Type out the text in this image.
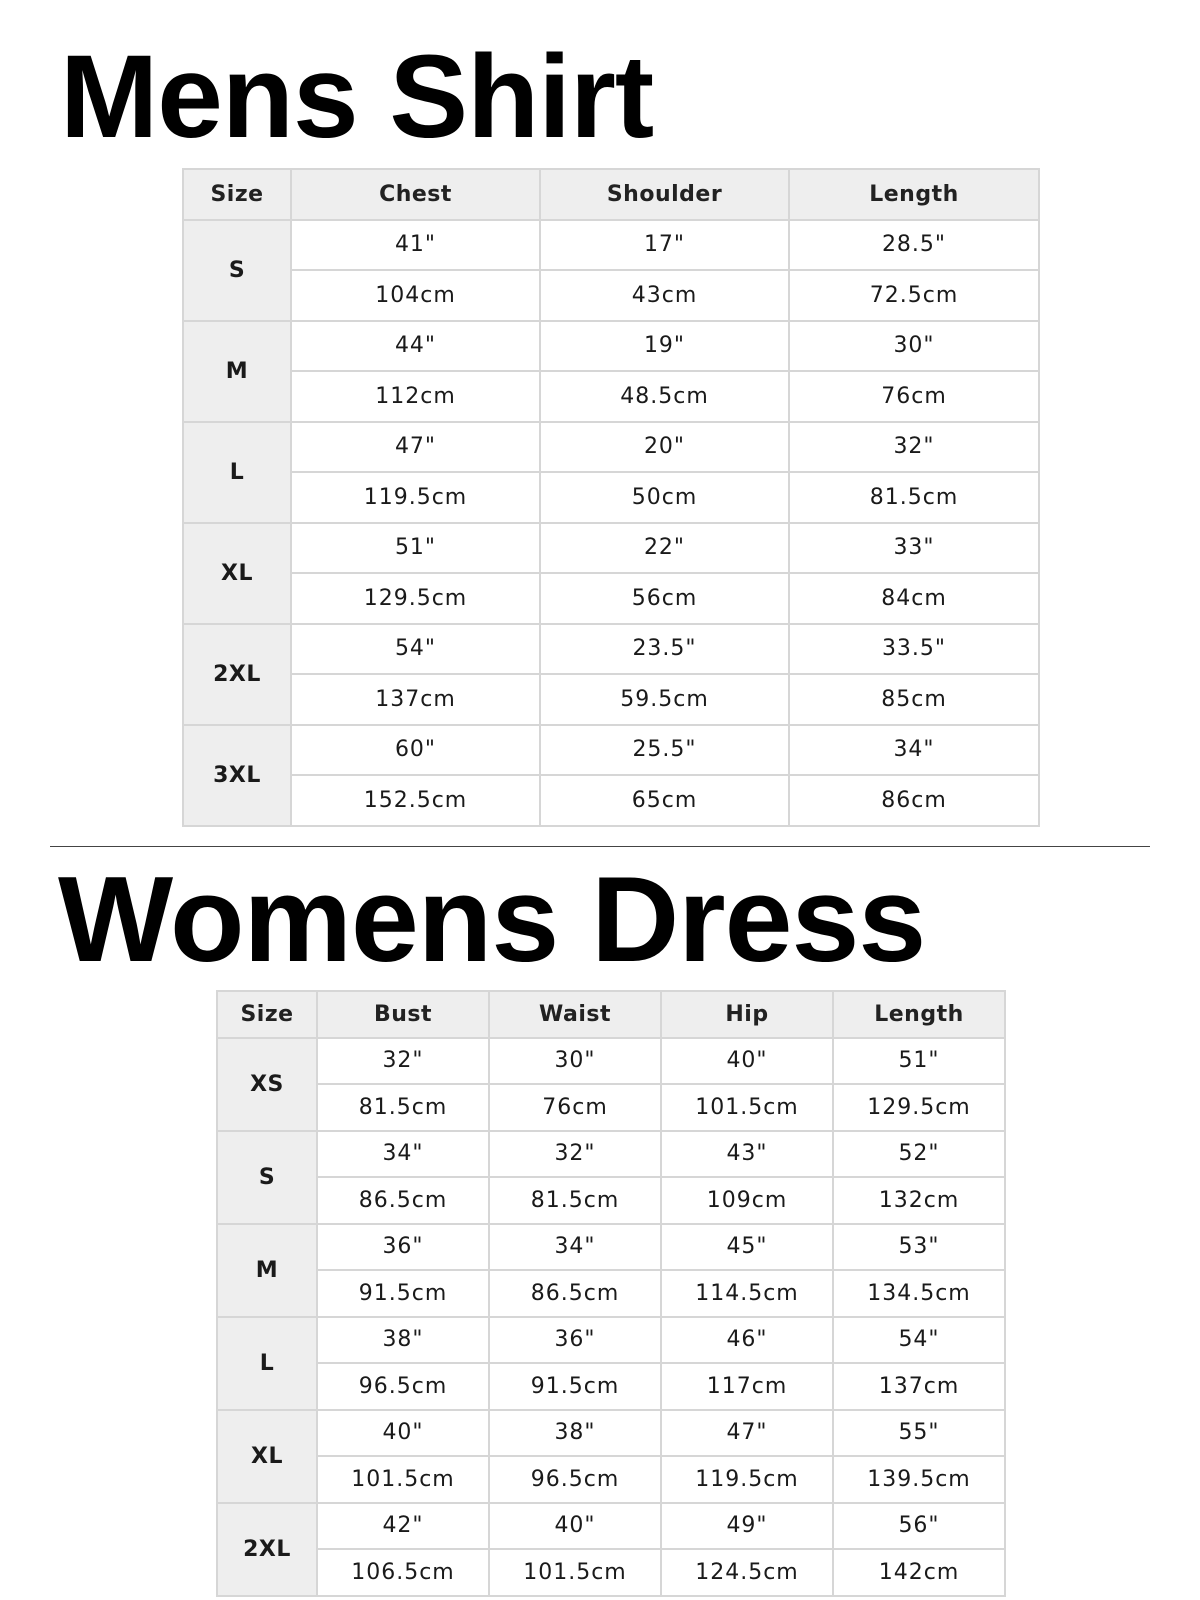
Mens Shirt
Size	Chest	Shoulder	Length
S	41"	17"	28.5"
	104cm	43cm	72.5cm
M	44"	19"	30"
	112cm	48.5cm	76cm
L	47"	20"	32"
	119.5cm	50cm	81.5cm
XL	51"	22"	33"
	129.5cm	56cm	84cm
2XL	54"	23.5"	33.5"
	137cm	59.5cm	85cm
3XL	60"	25.5"	34"
	152.5cm	65cm	86cm
Womens Dress
Size	Bust	Waist	Hip	Length
XS	32"	30"	40"	51"
	81.5cm	76cm	101.5cm	129.5cm
S	34"	32"	43"	52"
	86.5cm	81.5cm	109cm	132cm
M	36"	34"	45"	53"
	91.5cm	86.5cm	114.5cm	134.5cm
L	38"	36"	46"	54"
	96.5cm	91.5cm	117cm	137cm
XL	40"	38"	47"	55"
	101.5cm	96.5cm	119.5cm	139.5cm
2XL	42"	40"	49"	56"
	106.5cm	101.5cm	124.5cm	142cm
